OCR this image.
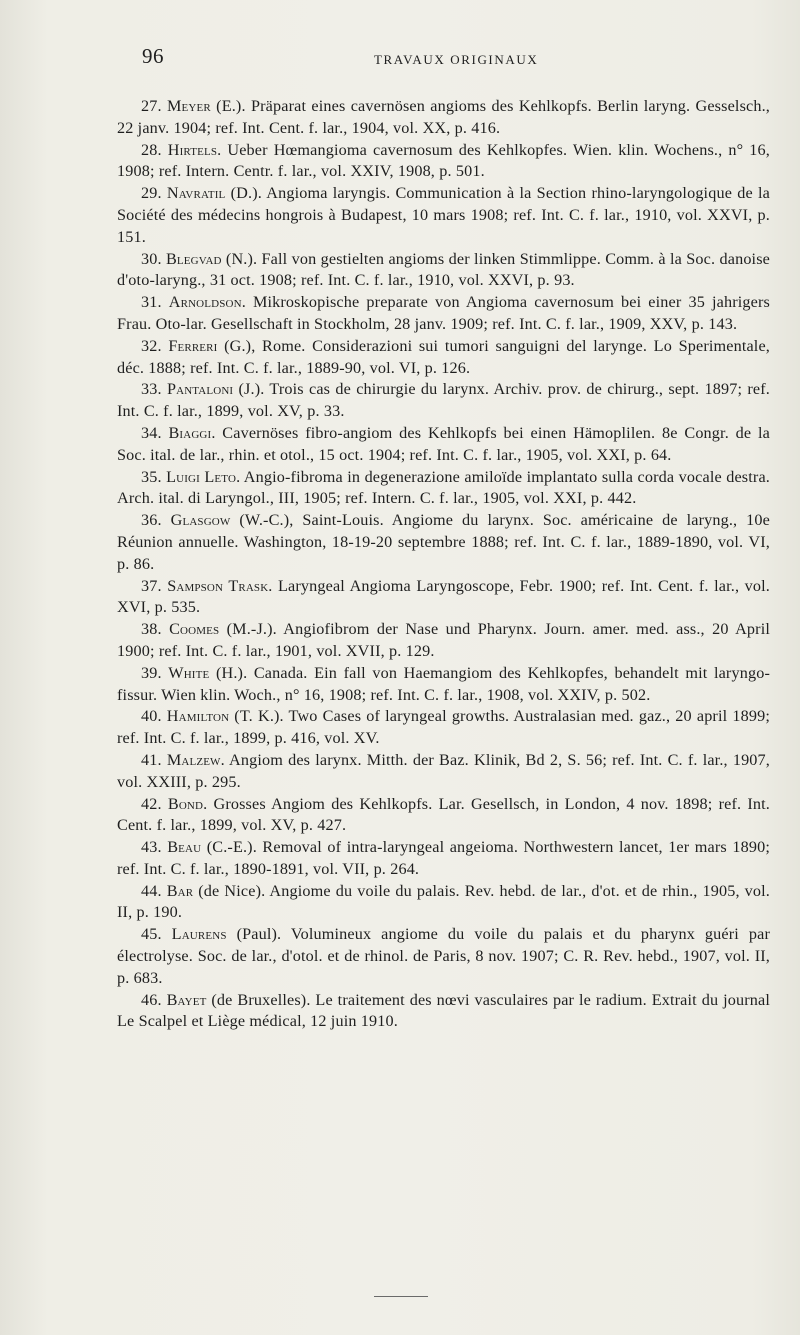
96	TRAVAUX ORIGINAUX

27. Meyer (E.). Präparat eines cavernösen angioms des Kehlkopfs. Berlin laryng. Gesselsch., 22 janv. 1904; ref. Int. Cent. f. lar., 1904, vol. XX, p. 416.

28. Hirtels. Ueber Hœmangioma cavernosum des Kehlkopfes. Wien. klin. Wochens., n° 16, 1908; ref. Intern. Centr. f. lar., vol. XXIV, 1908, p. 501.

29. Navratil (D.). Angioma laryngis. Communication à la Section rhino-laryngologique de la Société des médecins hongrois à Budapest, 10 mars 1908; ref. Int. C. f. lar., 1910, vol. XXVI, p. 151.

30. Blegvad (N.). Fall von gestielten angioms der linken Stimmlippe. Comm. à la Soc. danoise d'oto-laryng., 31 oct. 1908; ref. Int. C. f. lar., 1910, vol. XXVI, p. 93.

31. Arnoldson. Mikroskopische preparate von Angioma cavernosum bei einer 35 jahrigers Frau. Oto-lar. Gesellschaft in Stockholm, 28 janv. 1909; ref. Int. C. f. lar., 1909, XXV, p. 143.

32. Ferreri (G.), Rome. Considerazioni sui tumori sanguigni del larynge. Lo Sperimentale, déc. 1888; ref. Int. C. f. lar., 1889-90, vol. VI, p. 126.

33. Pantaloni (J.). Trois cas de chirurgie du larynx. Archiv. prov. de chirurg., sept. 1897; ref. Int. C. f. lar., 1899, vol. XV, p. 33.

34. Biaggi. Cavernöses fibro-angiom des Kehlkopfs bei einen Hämoplilen. 8e Congr. de la Soc. ital. de lar., rhin. et otol., 15 oct. 1904; ref. Int. C. f. lar., 1905, vol. XXI, p. 64.

35. Luigi Leto. Angio-fibroma in degenerazione amiloïde implantato sulla corda vocale destra. Arch. ital. di Laryngol., III, 1905; ref. Intern. C. f. lar., 1905, vol. XXI, p. 442.

36. Glasgow (W.-C.), Saint-Louis. Angiome du larynx. Soc. américaine de laryng., 10e Réunion annuelle. Washington, 18-19-20 septembre 1888; ref. Int. C. f. lar., 1889-1890, vol. VI, p. 86.

37. Sampson Trask. Laryngeal Angioma Laryngoscope, Febr. 1900; ref. Int. Cent. f. lar., vol. XVI, p. 535.

38. Coomes (M.-J.). Angiofibrom der Nase und Pharynx. Journ. amer. med. ass., 20 April 1900; ref. Int. C. f. lar., 1901, vol. XVII, p. 129.

39. White (H.). Canada. Ein fall von Haemangiom des Kehlkopfes, behandelt mit laryngo-fissur. Wien klin. Woch., n° 16, 1908; ref. Int. C. f. lar., 1908, vol. XXIV, p. 502.

40. Hamilton (T. K.). Two Cases of laryngeal growths. Australasian med. gaz., 20 april 1899; ref. Int. C. f. lar., 1899, p. 416, vol. XV.

41. Malzew. Angiom des larynx. Mitth. der Baz. Klinik, Bd 2, S. 56; ref. Int. C. f. lar., 1907, vol. XXIII, p. 295.

42. Bond. Grosses Angiom des Kehlkopfs. Lar. Gesellsch, in London, 4 nov. 1898; ref. Int. Cent. f. lar., 1899, vol. XV, p. 427.

43. Beau (C.-E.). Removal of intra-laryngeal angeioma. Northwestern lancet, 1er mars 1890; ref. Int. C. f. lar., 1890-1891, vol. VII, p. 264.

44. Bar (de Nice). Angiome du voile du palais. Rev. hebd. de lar., d'ot. et de rhin., 1905, vol. II, p. 190.

45. Laurens (Paul). Volumineux angiome du voile du palais et du pharynx guéri par électrolyse. Soc. de lar., d'otol. et de rhinol. de Paris, 8 nov. 1907; C. R. Rev. hebd., 1907, vol. II, p. 683.

46. Bayet (de Bruxelles). Le traitement des nœvi vasculaires par le radium. Extrait du journal Le Scalpel et Liège médical, 12 juin 1910.
